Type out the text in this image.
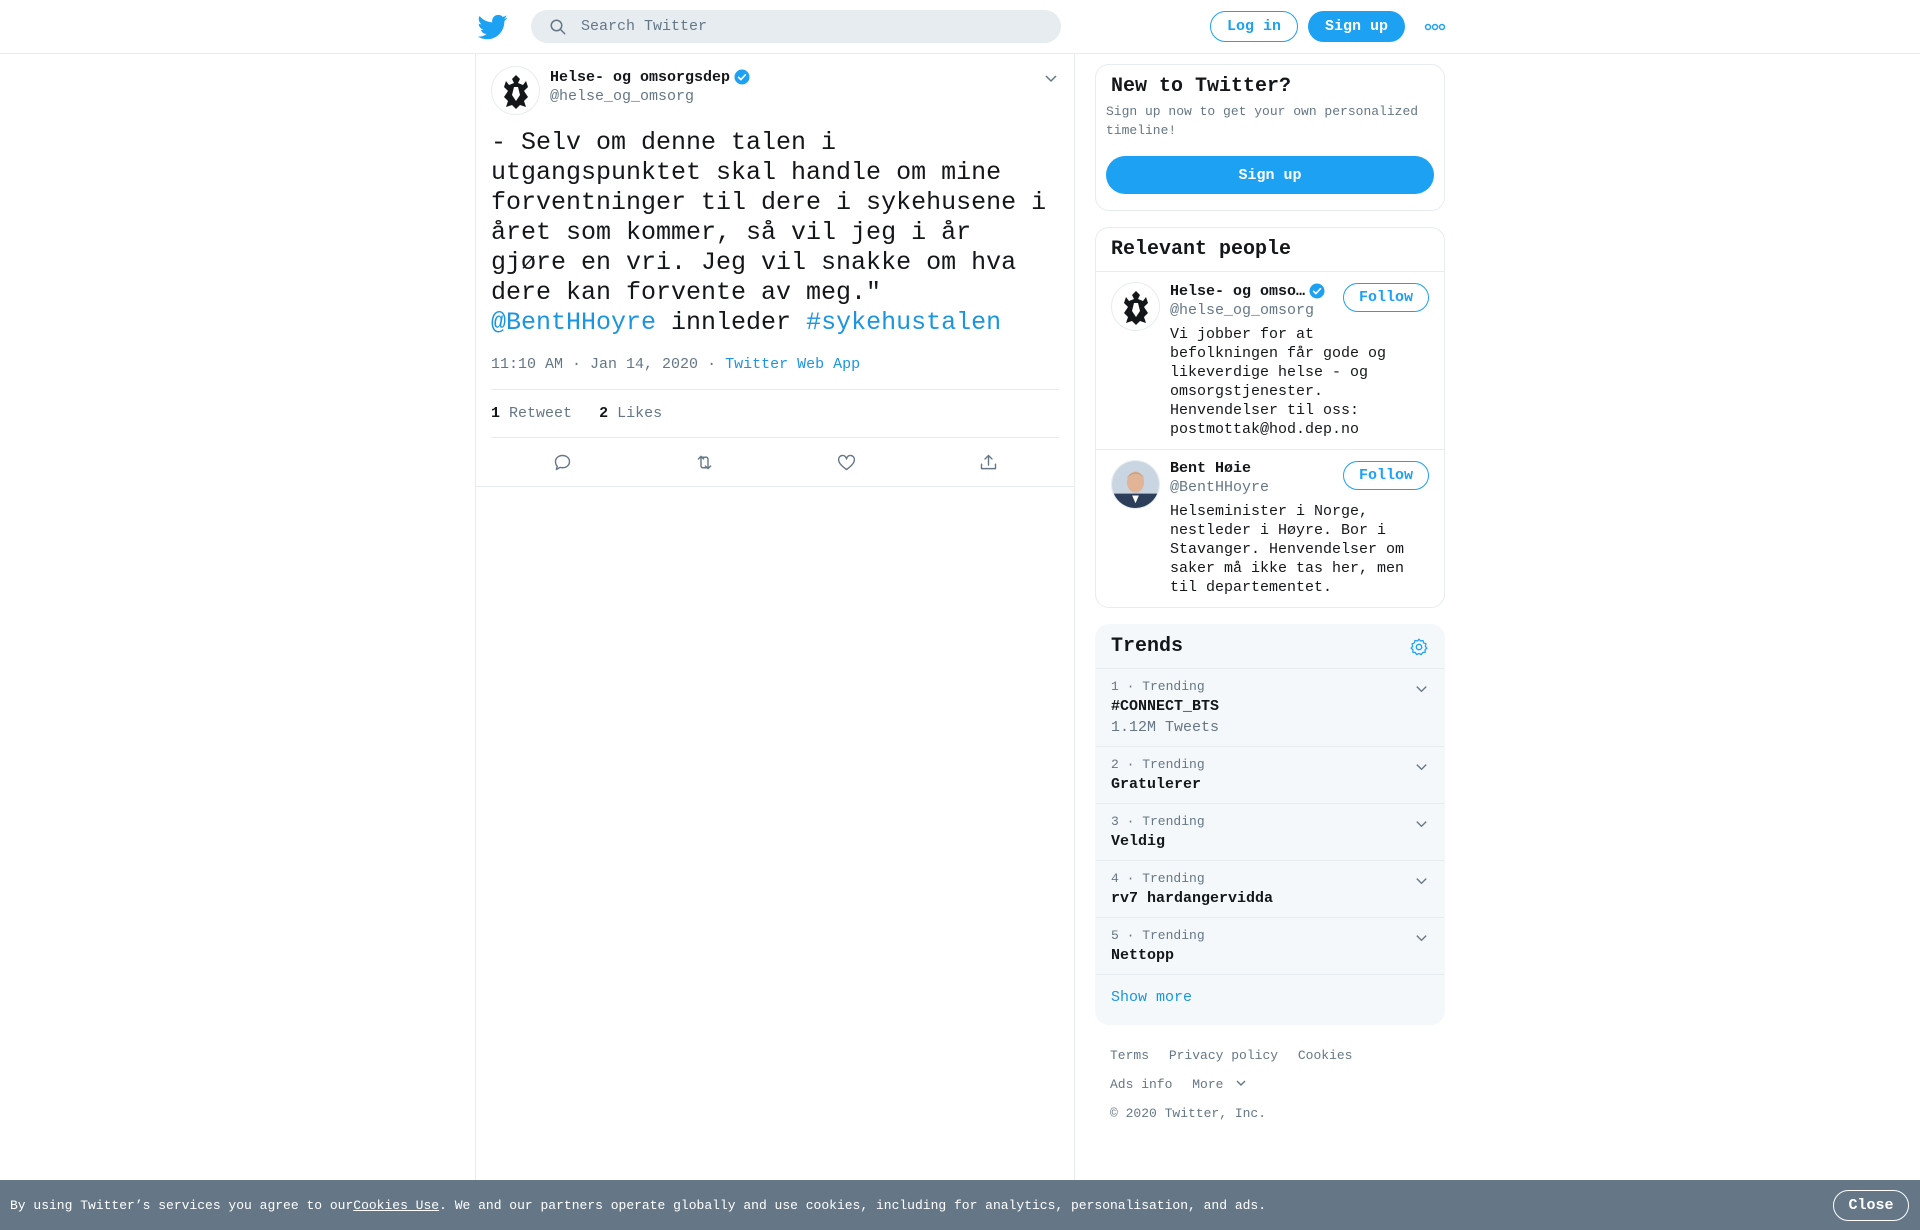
Search Twitter
Log in	Sign up
Helse- og omsorgsdep
@helse_og_omsorg
- Selv om denne talen i utgangspunktet skal handle om mine forventninger til dere i sykehusene i året som kommer, så vil jeg i år gjøre en vri. Jeg vil snakke om hva dere kan forvente av meg." @BentHHoyre innleder #sykehustalen
11:10 AM · Jan 14, 2020 · Twitter Web App
1 Retweet 2 Likes
New to Twitter?

Sign up now to get your own personalized timeline!

Sign up
Relevant people
Helse- og omso…
@helse_og_omsorg
Vi jobber for at befolkningen får gode og likeverdige helse - og omsorgstjenester. Henvendelser til oss: postmottak@hod.dep.no
Follow
Bent Høie
@BentHHoyre
Helseminister i Norge, nestleder i Høyre. Bor i Stavanger. Henvendelser om saker må ikke tas her, men til departementet.
Follow
Trends
1 · Trending
#CONNECT_BTS
1.12M Tweets
2 · Trending
Gratulerer
3 · Trending
Veldig
4 · Trending
rv7 hardangervidda
5 · Trending
Nettopp
Show more
Terms Privacy policy Cookies
Ads info More © 2020 Twitter, Inc.
By using Twitter’s services you agree to our Cookies Use . We and our partners operate globally and use cookies, including for analytics, personalisation, and ads.	Close
